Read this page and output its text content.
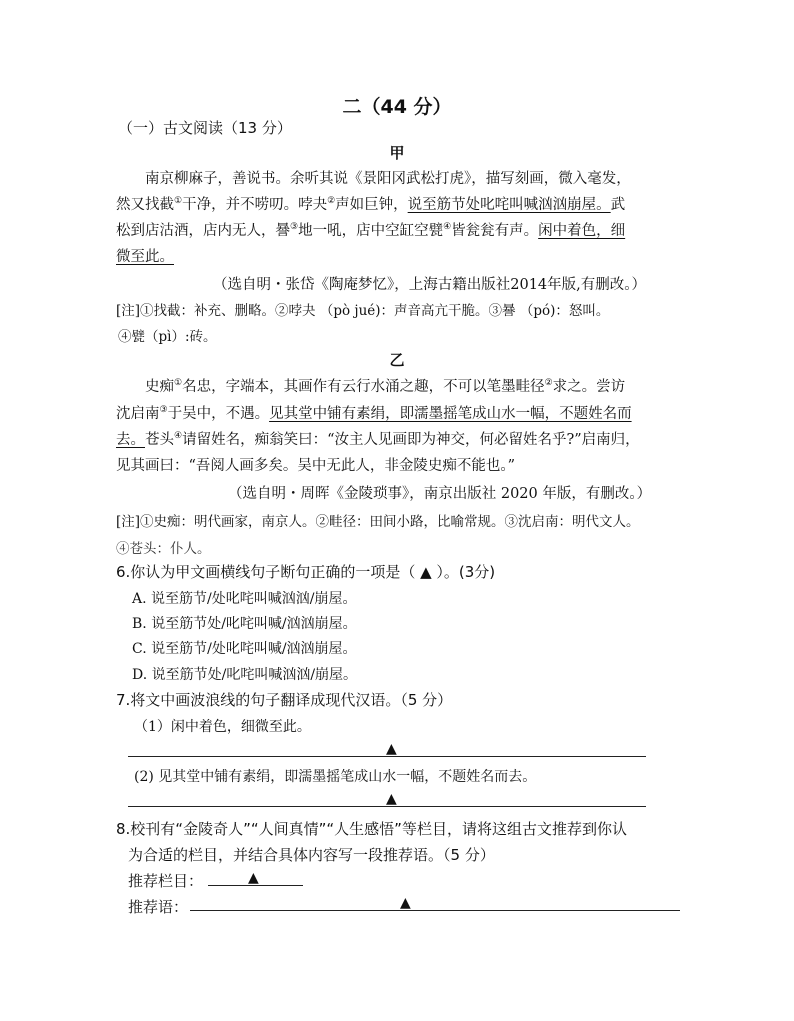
二（44 分）
（一）古文阅读（13 分）
甲
南京柳麻子，善说书。余听其说《景阳冈武松打虎》，描写刻画，微入毫发，
然又找截①干净，并不唠叨。哱夬②声如巨钟，说至筋节处叱咤叫喊汹汹崩屋。武
松到店沽酒，店内无人，謈③地一吼，店中空缸空甓④皆瓮瓮有声。闲中着色，细
微至此。
（选自明・张岱《陶庵梦忆》，上海古籍出版社2014年版,有删改。）
[注]①找截：补充、删略。②哱夬 （pò jué)：声音高亢干脆。③謈 （pó)：怒叫。
④甓（pì）:砖。
乙
史痴①名忠，字端本，其画作有云行水涌之趣，不可以笔墨畦径②求之。尝访
沈启南③于吴中，不遇。见其堂中铺有素绢，即濡墨摇笔成山水一幅，不题姓名而
去。苍头④请留姓名，痴翁笑曰：“汝主人见画即为神交，何必留姓名乎?”启南归，
见其画曰：“吾阅人画多矣。吴中无此人，非金陵史痴不能也。”
（选自明・周晖《金陵琐事》，南京出版社 2020 年版，有删改。）
[注]①史痴：明代画家，南京人。②畦径：田间小路，比喻常规。③沈启南：明代文人。
④苍头：仆人。
6.你认为甲文画横线句子断句正确的一项是（ ▲ ）。(3分)
A. 说至筋节/处叱咤叫喊汹汹/崩屋。
B. 说至筋节处/叱咤叫喊/汹汹崩屋。
C. 说至筋节/处叱咤叫喊/汹汹崩屋。
D. 说至筋节处/叱咤叫喊汹汹/崩屋。
7.将文中画波浪线的句子翻译成现代汉语。（5 分）
（1）闲中着色，细微至此。
▲
(2) 见其堂中铺有素绢，即濡墨摇笔成山水一幅，不题姓名而去。
▲
8.校刊有“金陵奇人”“人间真情”“人生感悟”等栏目，请将这组古文推荐到你认
为合适的栏目，并结合具体内容写一段推荐语。（5 分）
推荐栏目：	▲
推荐语：	▲
